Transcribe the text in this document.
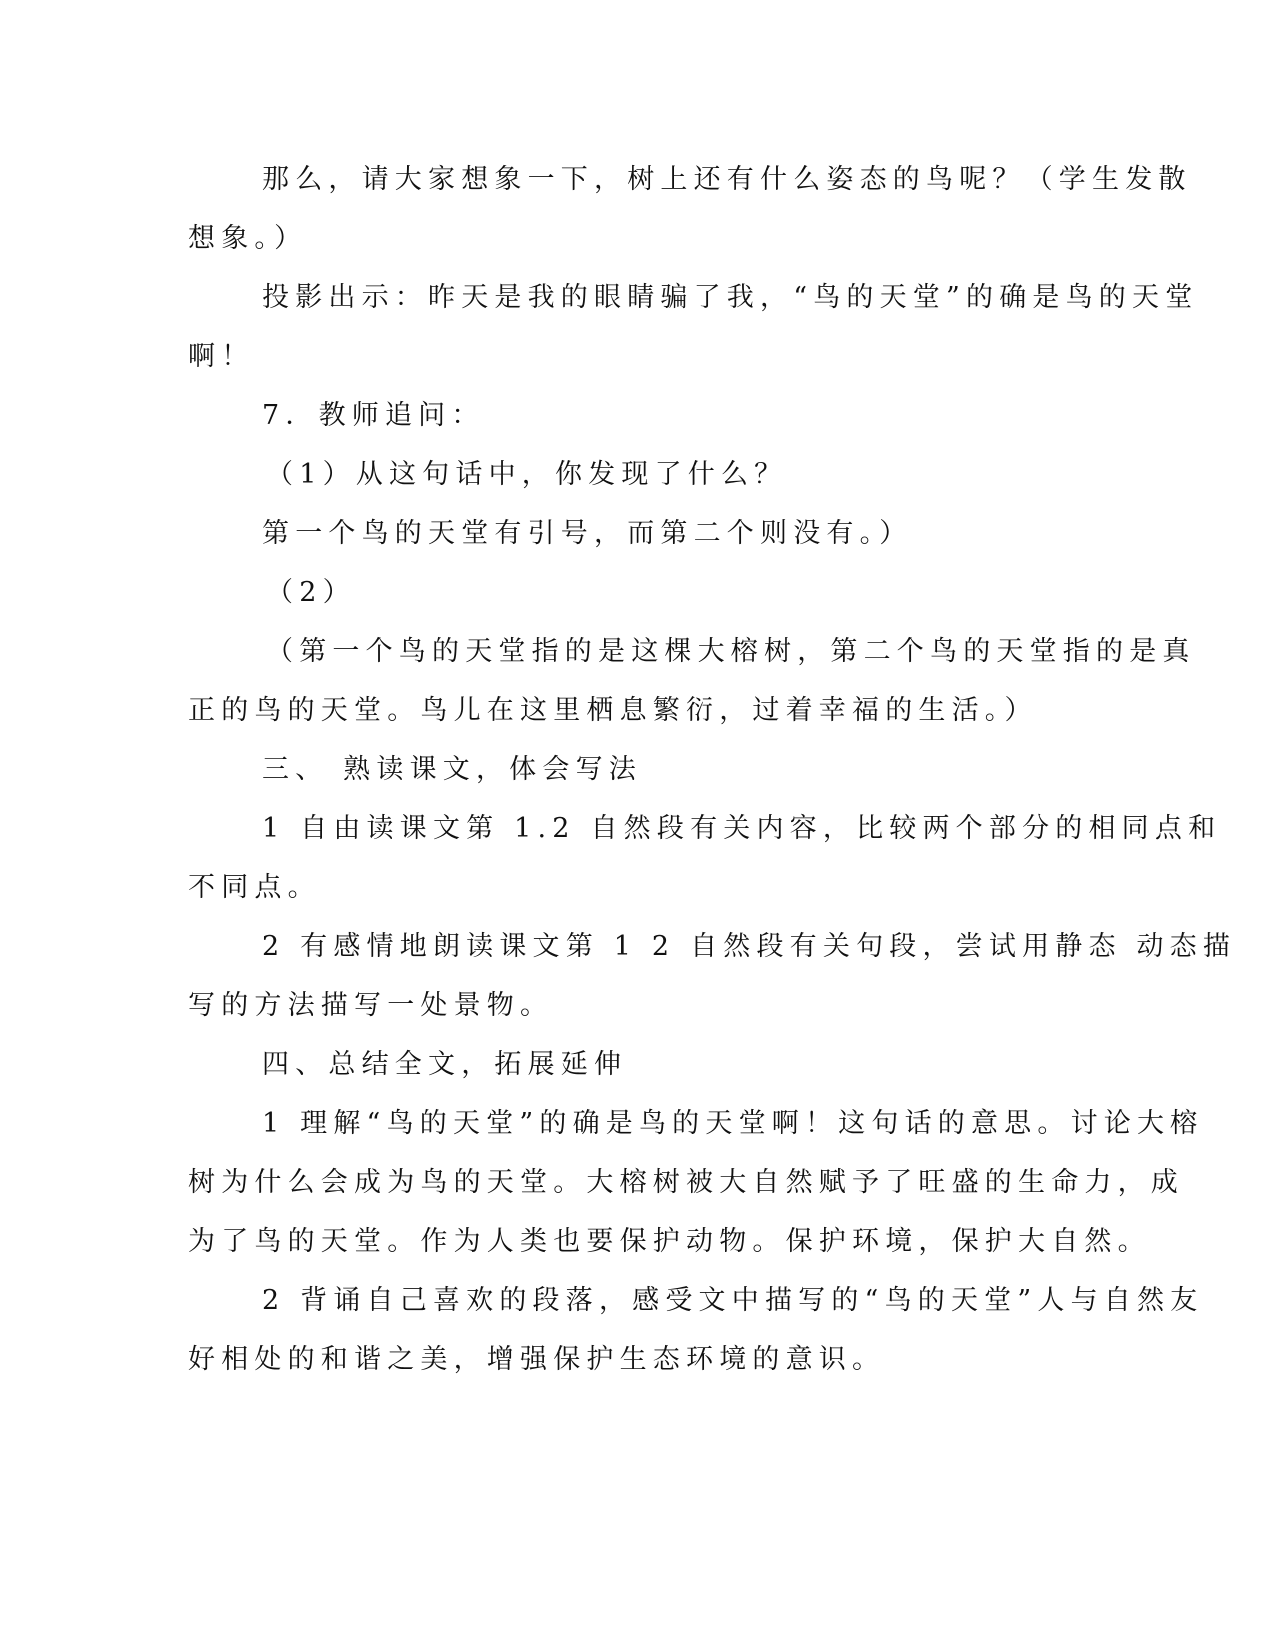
那么，请大家想象一下，树上还有什么姿态的鸟呢？（学生发散
想象。）
投影出示：昨天是我的眼睛骗了我，“鸟的天堂”的确是鸟的天堂
啊！
7．教师追问：
（1）从这句话中，你发现了什么？
第一个鸟的天堂有引号，而第二个则没有。）
（2）
（第一个鸟的天堂指的是这棵大榕树，第二个鸟的天堂指的是真
正的鸟的天堂。鸟儿在这里栖息繁衍，过着幸福的生活。）
三、 熟读课文，体会写法
1 自由读课文第 1.2 自然段有关内容，比较两个部分的相同点和
不同点。
2 有感情地朗读课文第 1 2 自然段有关句段，尝试用静态 动态描
写的方法描写一处景物。
四、总结全文，拓展延伸
1 理解“鸟的天堂”的确是鸟的天堂啊！这句话的意思。讨论大榕
树为什么会成为鸟的天堂。大榕树被大自然赋予了旺盛的生命力，成
为了鸟的天堂。作为人类也要保护动物。保护环境，保护大自然。
2 背诵自己喜欢的段落，感受文中描写的“鸟的天堂”人与自然友
好相处的和谐之美，增强保护生态环境的意识。
